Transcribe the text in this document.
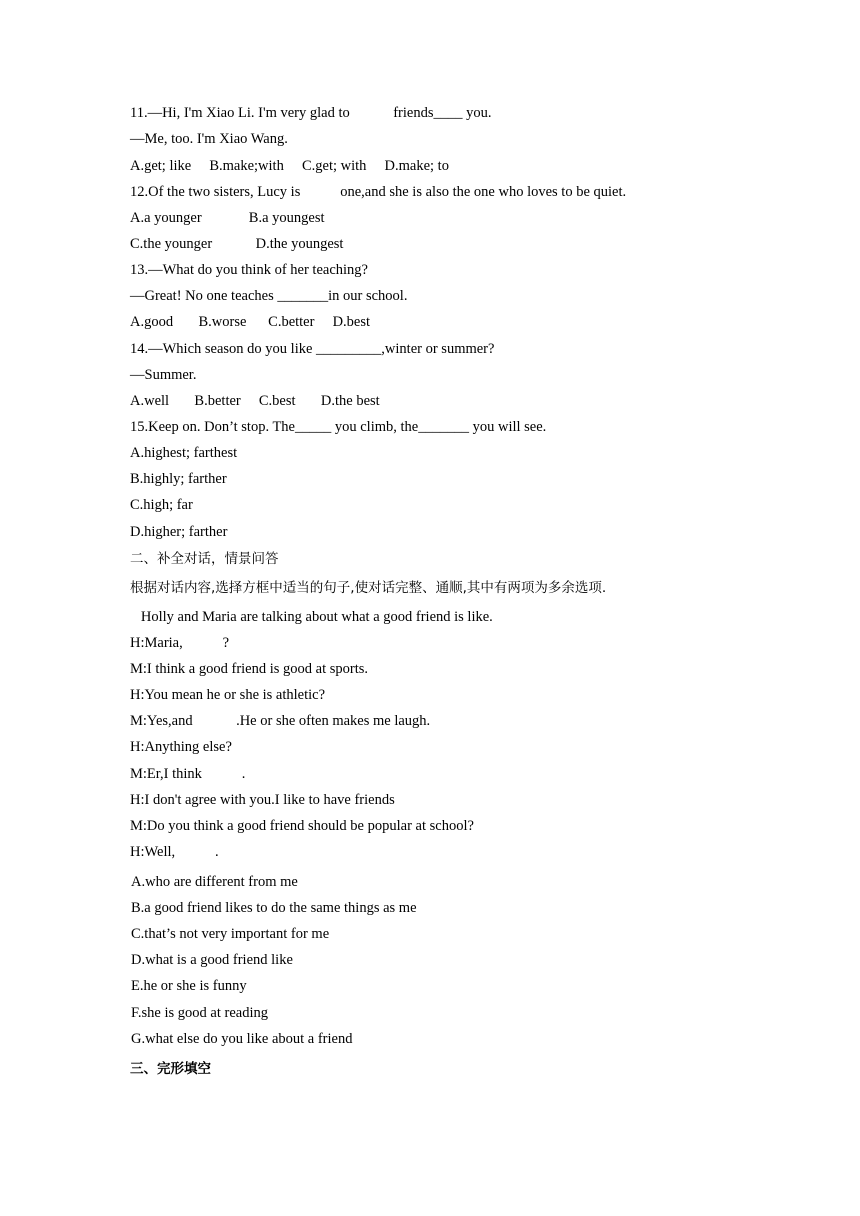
11.—Hi, I'm Xiao Li. I'm very glad to            friends____ you.
—Me, too. I'm Xiao Wang.
A.get; like     B.make;with     C.get; with     D.make; to
12.Of the two sisters, Lucy is           one,and she is also the one who loves to be quiet.
A.a younger             B.a youngest
C.the younger            D.the youngest
13.—What do you think of her teaching?
—Great! No one teaches _______in our school.
A.good       B.worse      C.better     D.best
14.—Which season do you like _________,winter or summer?
—Summer.
A.well       B.better     C.best       D.the best
15.Keep on. Don’t stop. The_____ you climb, the_______ you will see.
A.highest; farthest
B.highly; farther
C.high; far
D.higher; farther
二、补全对话，情景问答
根据对话内容,选择方框中适当的句子,使对话完整、通顺,其中有两项为多余选项.
Holly and Maria are talking about what a good friend is like.
H:Maria,           ?
M:I think a good friend is good at sports.
H:You mean he or she is athletic?
M:Yes,and            .He or she often makes me laugh.
H:Anything else?
M:Er,I think           .
H:I don't agree with you.I like to have friends
M:Do you think a good friend should be popular at school?
H:Well,           .
A.who are different from me
B.a good friend likes to do the same things as me
C.that’s not very important for me
D.what is a good friend like
E.he or she is funny
F.she is good at reading
G.what else do you like about a friend
三、完形填空
